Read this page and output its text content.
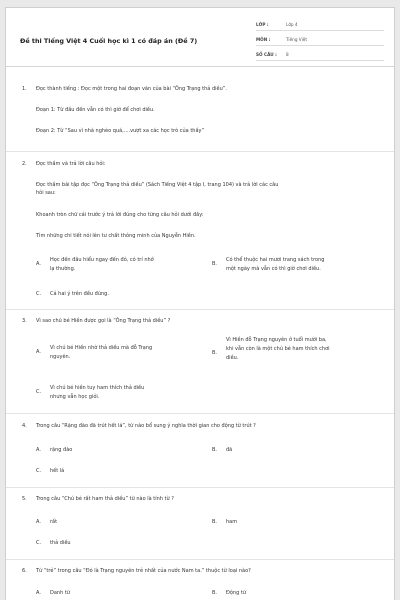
Đề thi Tiếng Việt 4 Cuối học kì 1 có đáp án (Đề 7)
LỚP :	Lớp 4
MÔN :	Tiếng Việt
SỐ CÂU :	8
1. Đọc thành tiếng : Đọc một trong hai đoạn văn của bài “Ông Trạng thả diều”.
Đoạn 1: Từ đầu đến vẫn có thì giờ để chơi diều.
Đoạn 2: Từ “Sau vì nhà nghèo quá,....vượt xa các học trò của thầy”
2. Đọc thầm và trả lời câu hỏi:
Đọc thầm bài tập đọc “Ông Trạng thả diều” (Sách Tiếng Việt 4 tập I, trang 104) và trả lời các câu
hỏi sau:
Khoanh tròn chữ cái trước ý trả lời đúng cho từng câu hỏi dưới đây:
Tìm những chi tiết nói lên tư chất thông minh của Nguyễn Hiền.
A.
Học đến đâu hiểu ngay đến đó, có trí nhớ
lạ thường.
B.
Có thể thuộc hai mươi trang sách trong
một ngày mà vẫn có thì giờ chơi diều.
C. Cả hai ý trên đều đúng.
3. Vì sao chú bé Hiền được gọi là “Ông Trạng thả diều” ?
A.
Vì chú bé Hiền nhờ thả diều mà đỗ Trạng
nguyên.
B.
Vì Hiền đỗ Trạng nguyên ở tuổi mười ba,
khi vẫn còn là một chú bé ham thích chơi
diều.
C.
Vì chú bé hiền tuy ham thích thả diều
nhưng vẫn học giỏi.
4. Trong câu “Rặng đào đã trút hết lá”, từ nào bổ sung ý nghĩa thời gian cho động từ trút ?
A. rặng đào	B. đã
C. hết lá
5. Trong câu “Chú bé rất ham thả diều” từ nào là tính từ ?
A. rất	B. ham
C. thả diều
6. Từ “trẻ” trong câu “Đó là Trạng nguyên trẻ nhất của nước Nam ta.” thuộc từ loại nào?
A. Danh từ	B. Động từ
